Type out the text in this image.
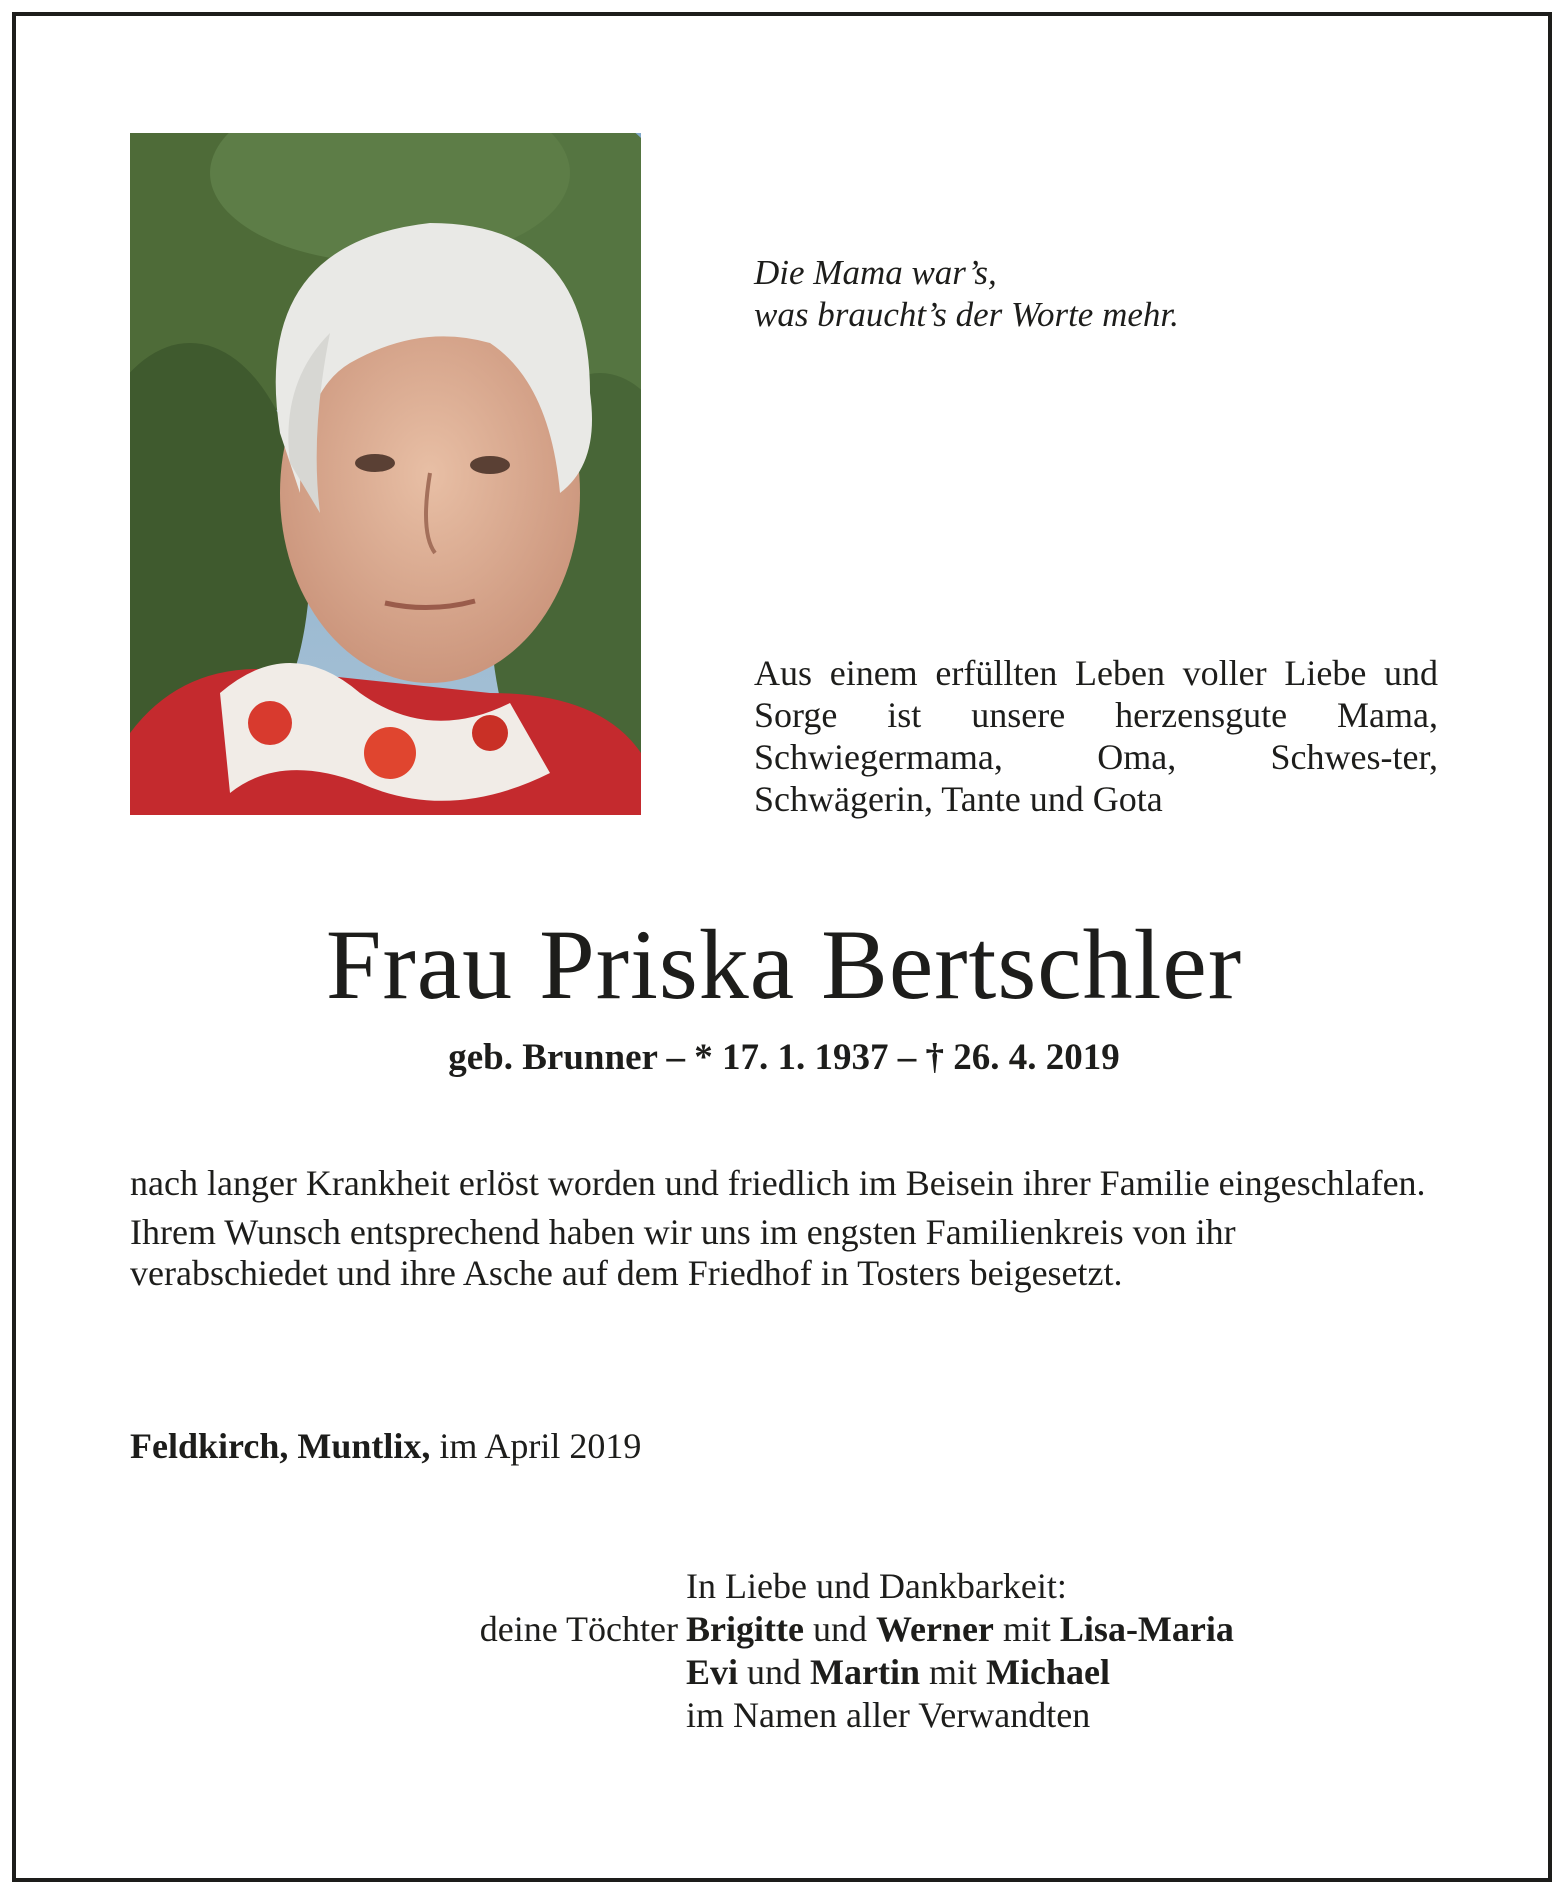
Die Mama war’s,
was braucht’s der Worte mehr.
Aus einem erfüllten Leben voller Liebe und Sorge ist unsere herzensgute Mama, Schwiegermama, Oma, Schwes-ter, Schwägerin, Tante und Gota
Frau Priska Bertschler
geb. Brunner – * 17. 1. 1937 – † 26. 4. 2019

nach langer Krankheit erlöst worden und friedlich im Beisein ihrer Familie eingeschlafen.

Ihrem Wunsch entsprechend haben wir uns im engsten Familienkreis von ihr verabschiedet und ihre Asche auf dem Friedhof in Tosters beigesetzt.

Feldkirch, Muntlix, im April 2019
In Liebe und Dankbarkeit:
deine Töchter Brigitte und Werner mit Lisa-Maria
Evi und Martin mit Michael
im Namen aller Verwandten
